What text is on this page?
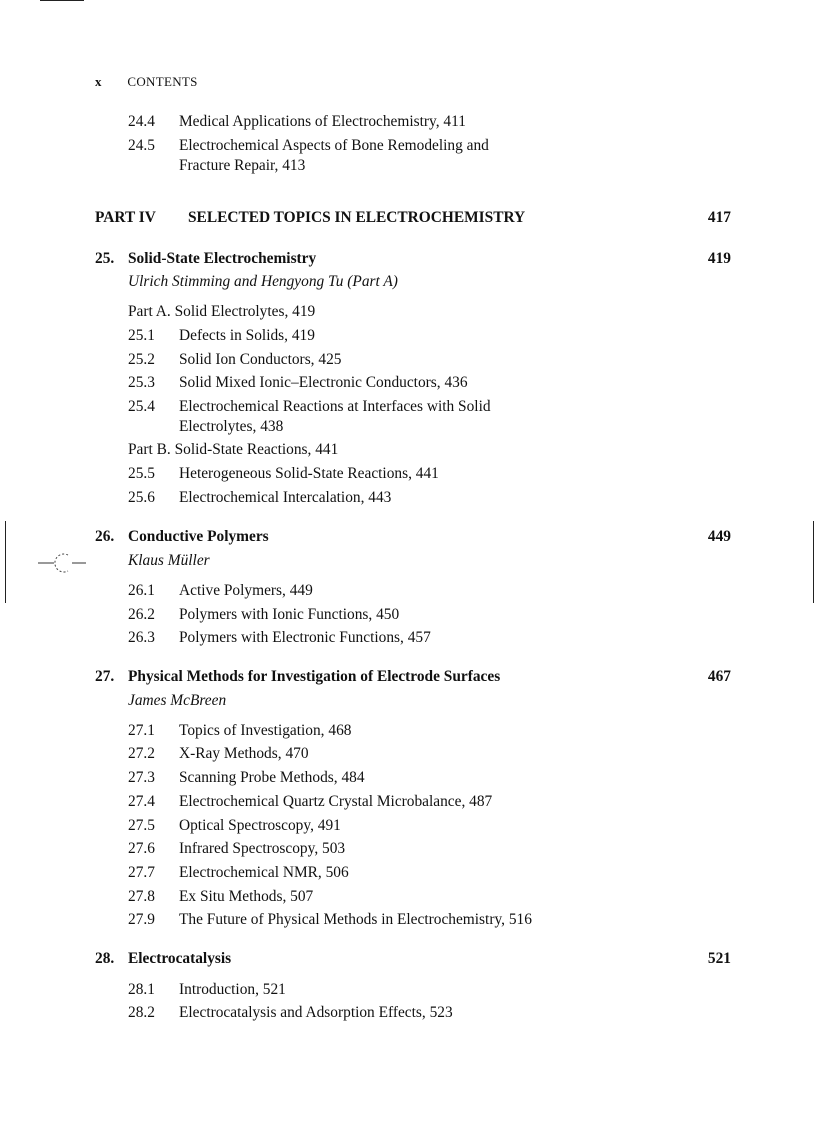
x CONTENTS
24.4 Medical Applications of Electrochemistry, 411
24.5 Electrochemical Aspects of Bone Remodeling and
Fracture Repair, 413
PART IV SELECTED TOPICS IN ELECTROCHEMISTRY	417
25. Solid-State Electrochemistry	419
Ulrich Stimming and Hengyong Tu (Part A)
Part A. Solid Electrolytes, 419
25.1 Defects in Solids, 419
25.2 Solid Ion Conductors, 425
25.3 Solid Mixed Ionic–Electronic Conductors, 436
25.4 Electrochemical Reactions at Interfaces with Solid
Electrolytes, 438
Part B. Solid-State Reactions, 441
25.5 Heterogeneous Solid-State Reactions, 441
25.6 Electrochemical Intercalation, 443
26. Conductive Polymers	449
Klaus Müller
26.1 Active Polymers, 449
26.2 Polymers with Ionic Functions, 450
26.3 Polymers with Electronic Functions, 457
27. Physical Methods for Investigation of Electrode Surfaces	467
James McBreen
27.1 Topics of Investigation, 468
27.2 X-Ray Methods, 470
27.3 Scanning Probe Methods, 484
27.4 Electrochemical Quartz Crystal Microbalance, 487
27.5 Optical Spectroscopy, 491
27.6 Infrared Spectroscopy, 503
27.7 Electrochemical NMR, 506
27.8 Ex Situ Methods, 507
27.9 The Future of Physical Methods in Electrochemistry, 516
28. Electrocatalysis	521
28.1 Introduction, 521
28.2 Electrocatalysis and Adsorption Effects, 523
